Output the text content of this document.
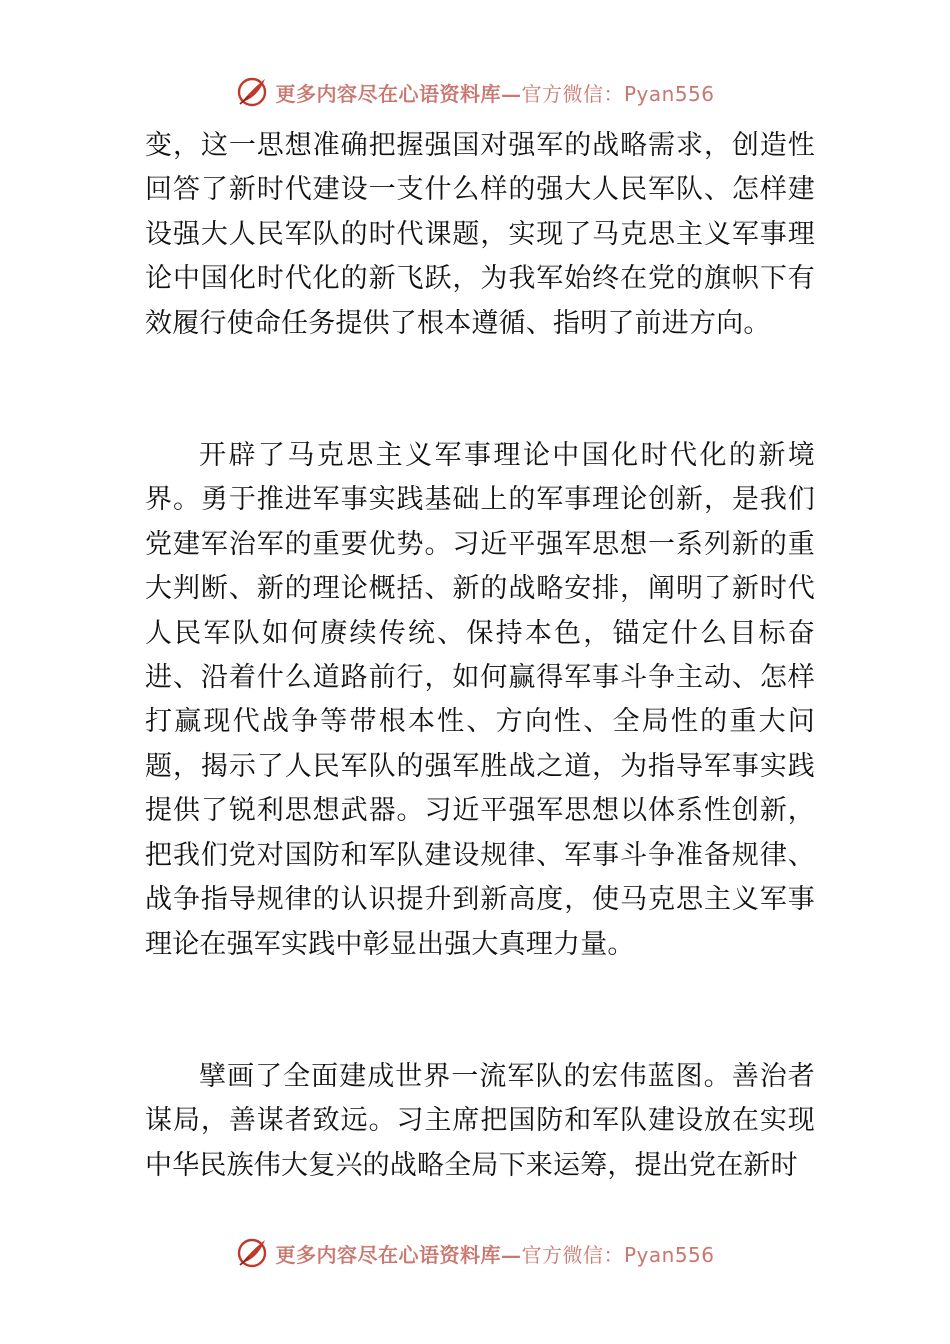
更多内容尽在心语资料库—官方微信：Pyan556

变，这一思想准确把握强国对强军的战略需求，创造性回答了新时代建设一支什么样的强大人民军队、怎样建设强大人民军队的时代课题，实现了马克思主义军事理论中国化时代化的新飞跃，为我军始终在党的旗帜下有效履行使命任务提供了根本遵循、指明了前进方向。

开辟了马克思主义军事理论中国化时代化的新境界。勇于推进军事实践基础上的军事理论创新，是我们党建军治军的重要优势。习近平强军思想一系列新的重大判断、新的理论概括、新的战略安排，阐明了新时代人民军队如何赓续传统、保持本色，锚定什么目标奋进、沿着什么道路前行，如何赢得军事斗争主动、怎样打赢现代战争等带根本性、方向性、全局性的重大问题，揭示了人民军队的强军胜战之道，为指导军事实践提供了锐利思想武器。习近平强军思想以体系性创新，把我们党对国防和军队建设规律、军事斗争准备规律、战争指导规律的认识提升到新高度，使马克思主义军事理论在强军实践中彰显出强大真理力量。

擘画了全面建成世界一流军队的宏伟蓝图。善治者谋局，善谋者致远。习主席把国防和军队建设放在实现中华民族伟大复兴的战略全局下来运筹，提出党在新时

更多内容尽在心语资料库—官方微信：Pyan556
